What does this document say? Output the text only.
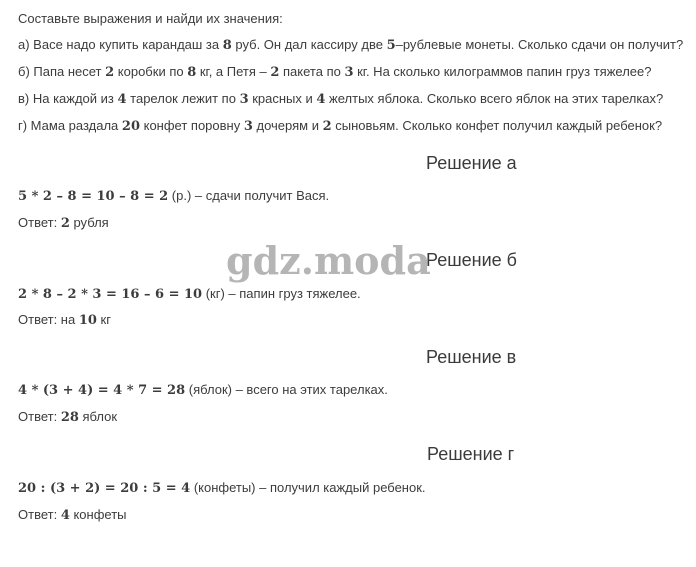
Составьте выражения и найди их значения:
а) Васе надо купить карандаш за 8 руб. Он дал кассиру две 5–рублевые монеты. Сколько сдачи он получит?
б) Папа несет 2 коробки по 8 кг, а Петя – 2 пакета по 3 кг. На сколько килограммов папин груз тяжелее?
в) На каждой из 4 тарелок лежит по 3 красных и 4 желтых яблока. Сколько всего яблок на этих тарелках?
г) Мама раздала 20 конфет поровну 3 дочерям и 2 сыновьям. Сколько конфет получил каждый ребенок?
Решение а
5 * 2 – 8 = 10 – 8 = 2 (р.) – сдачи получит Вася.
Ответ: 2 рубля
Решение б
2 * 8 – 2 * 3 = 16 – 6 = 10 (кг) – папин груз тяжелее.
Ответ: на 10 кг
Решение в
4 * (3 + 4) = 4 * 7 = 28 (яблок) – всего на этих тарелках.
Ответ: 28 яблок
Решение г
20 : (3 + 2) = 20 : 5 = 4 (конфеты) – получил каждый ребенок.
Ответ: 4 конфеты
gdz.moda
